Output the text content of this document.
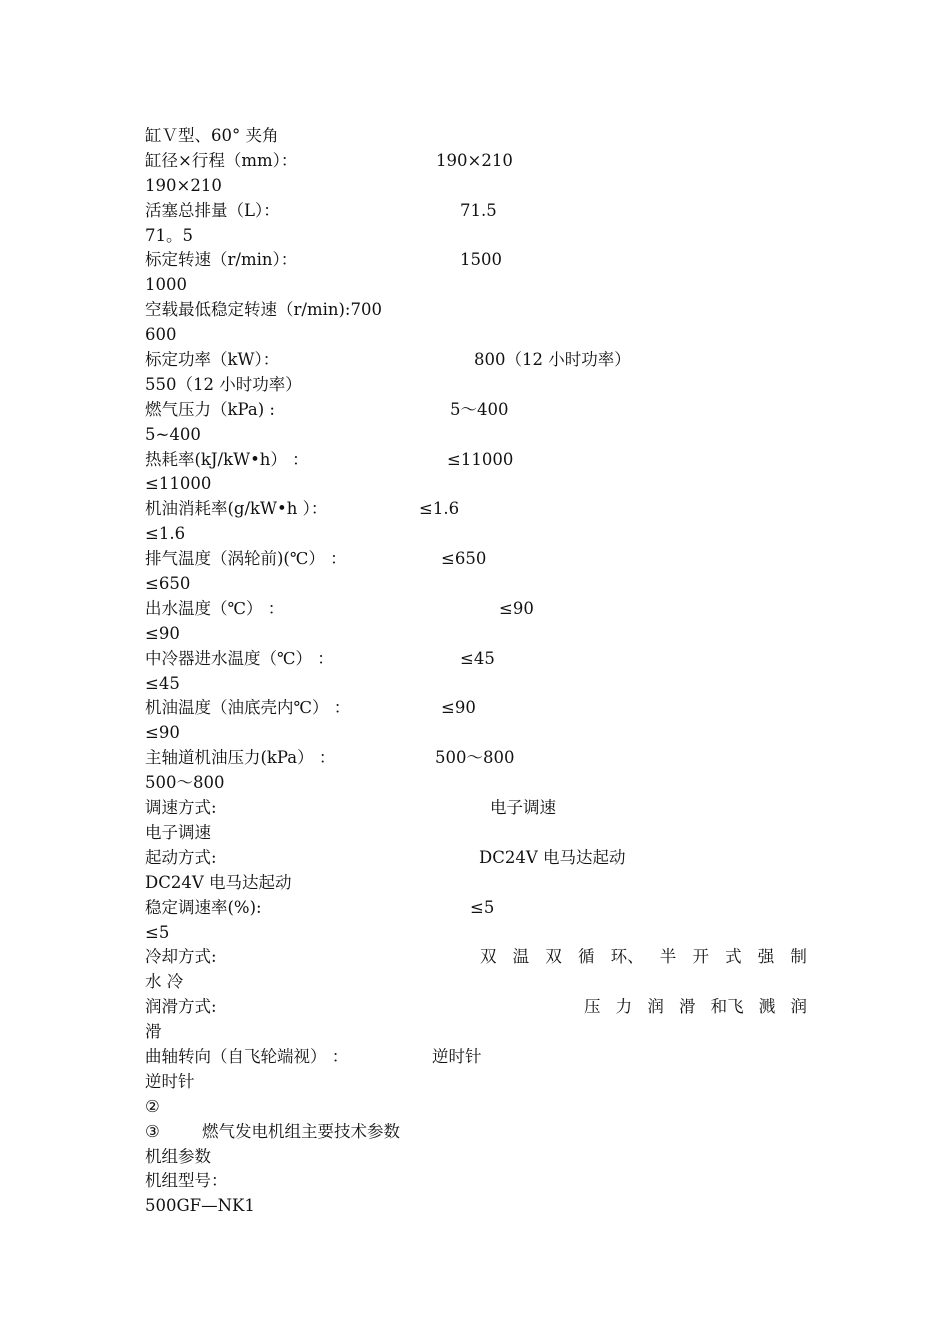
缸Ｖ型、60° 夹角
缸径×行程（mm）：	190×210
190×210
活塞总排量（L）：	71.5
71。5
标定转速（r/min）：	1500
1000
空载最低稳定转速（r/min):700
600
标定功率（kW）：	800（12 小时功率）
550（12 小时功率）
燃气压力（kPa) :	5～400
5~400
热耗率(kJ/kW•h） ：	≤11000
≤11000
机油消耗率(g/kW•h ）：	≤1.6
≤1.6
排气温度（涡轮前)(℃） ：	≤650
≤650
出水温度（℃） ：	≤90
≤90
中冷器进水温度（℃） ：	≤45
≤45
机油温度（油底壳内℃） ：	≤90
≤90
主轴道机油压力(kPa） ：	500～800
500～800
调速方式:	电子调速
电子调速
起动方式:	DC24V 电马达起动
DC24V 电马达起动
稳定调速率(%):	≤5
≤5
冷却方式:	双 温 双 循 环、 半 开 式 强 制
水 冷
润滑方式:	压 力 润 滑 和飞 溅 润
滑
曲轴转向（自飞轮端视） ：	逆时针
逆时针
②
③	燃气发电机组主要技术参数
机组参数
机组型号：
500GF—NK1
